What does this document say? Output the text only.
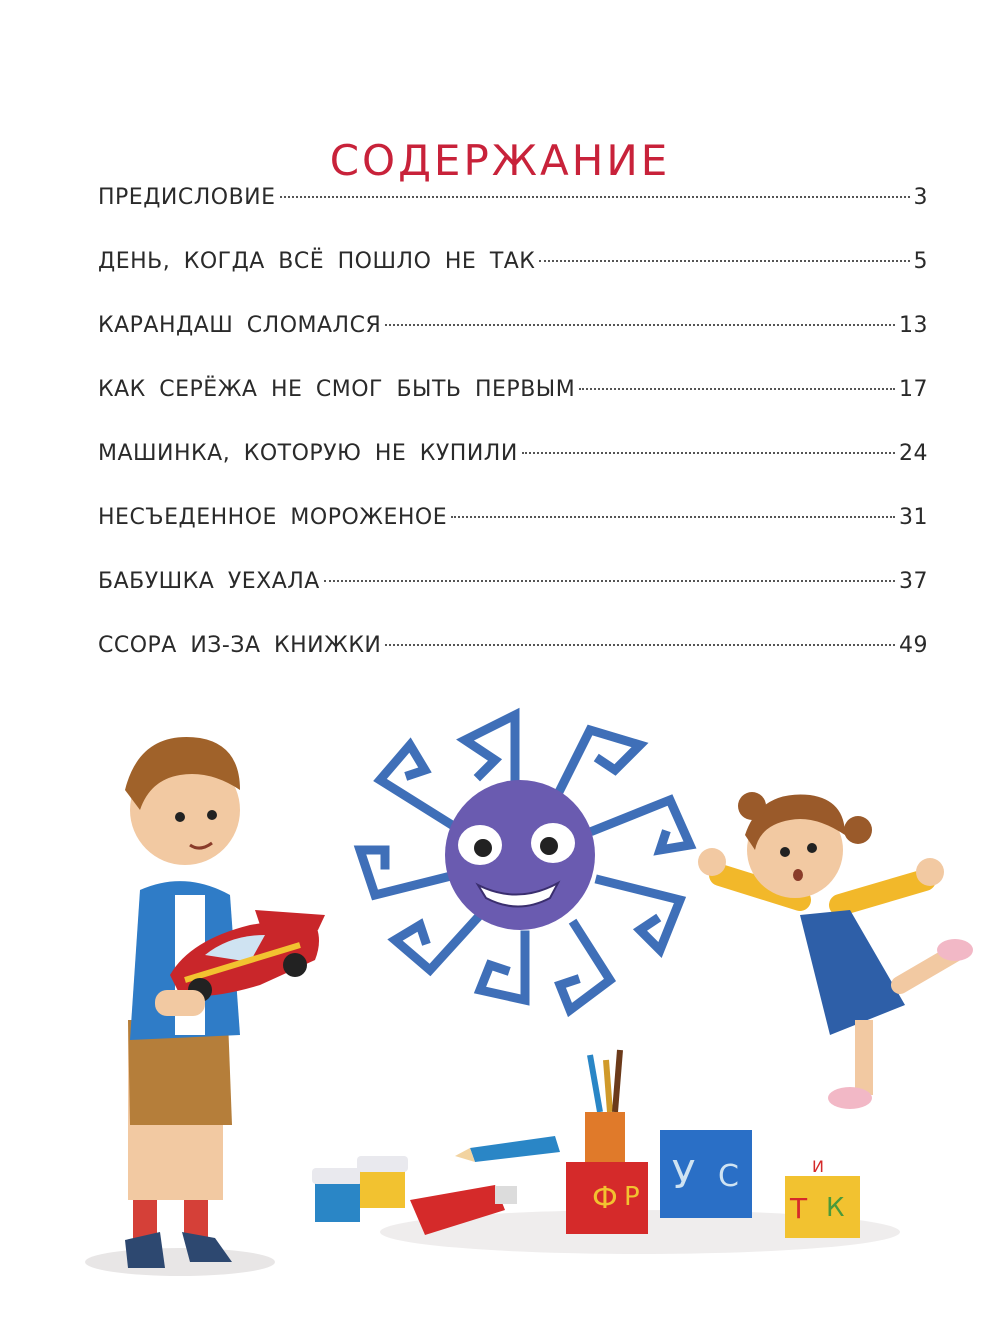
СОДЕРЖАНИЕ
ПРЕДИСЛОВИЕ	3
ДЕНЬ, КОГДА ВСЁ ПОШЛО НЕ ТАК	5
КАРАНДАШ СЛОМАЛСЯ	13
КАК СЕРЁЖА НЕ СМОГ БЫТЬ ПЕРВЫМ	17
МАШИНКА, КОТОРУЮ НЕ КУПИЛИ	24
НЕСЪЕДЕННОЕ МОРОЖЕНОЕ	31
БАБУШКА УЕХАЛА	37
ССОРА ИЗ-ЗА КНИЖКИ	49
Ф Р У С
Т К
И
